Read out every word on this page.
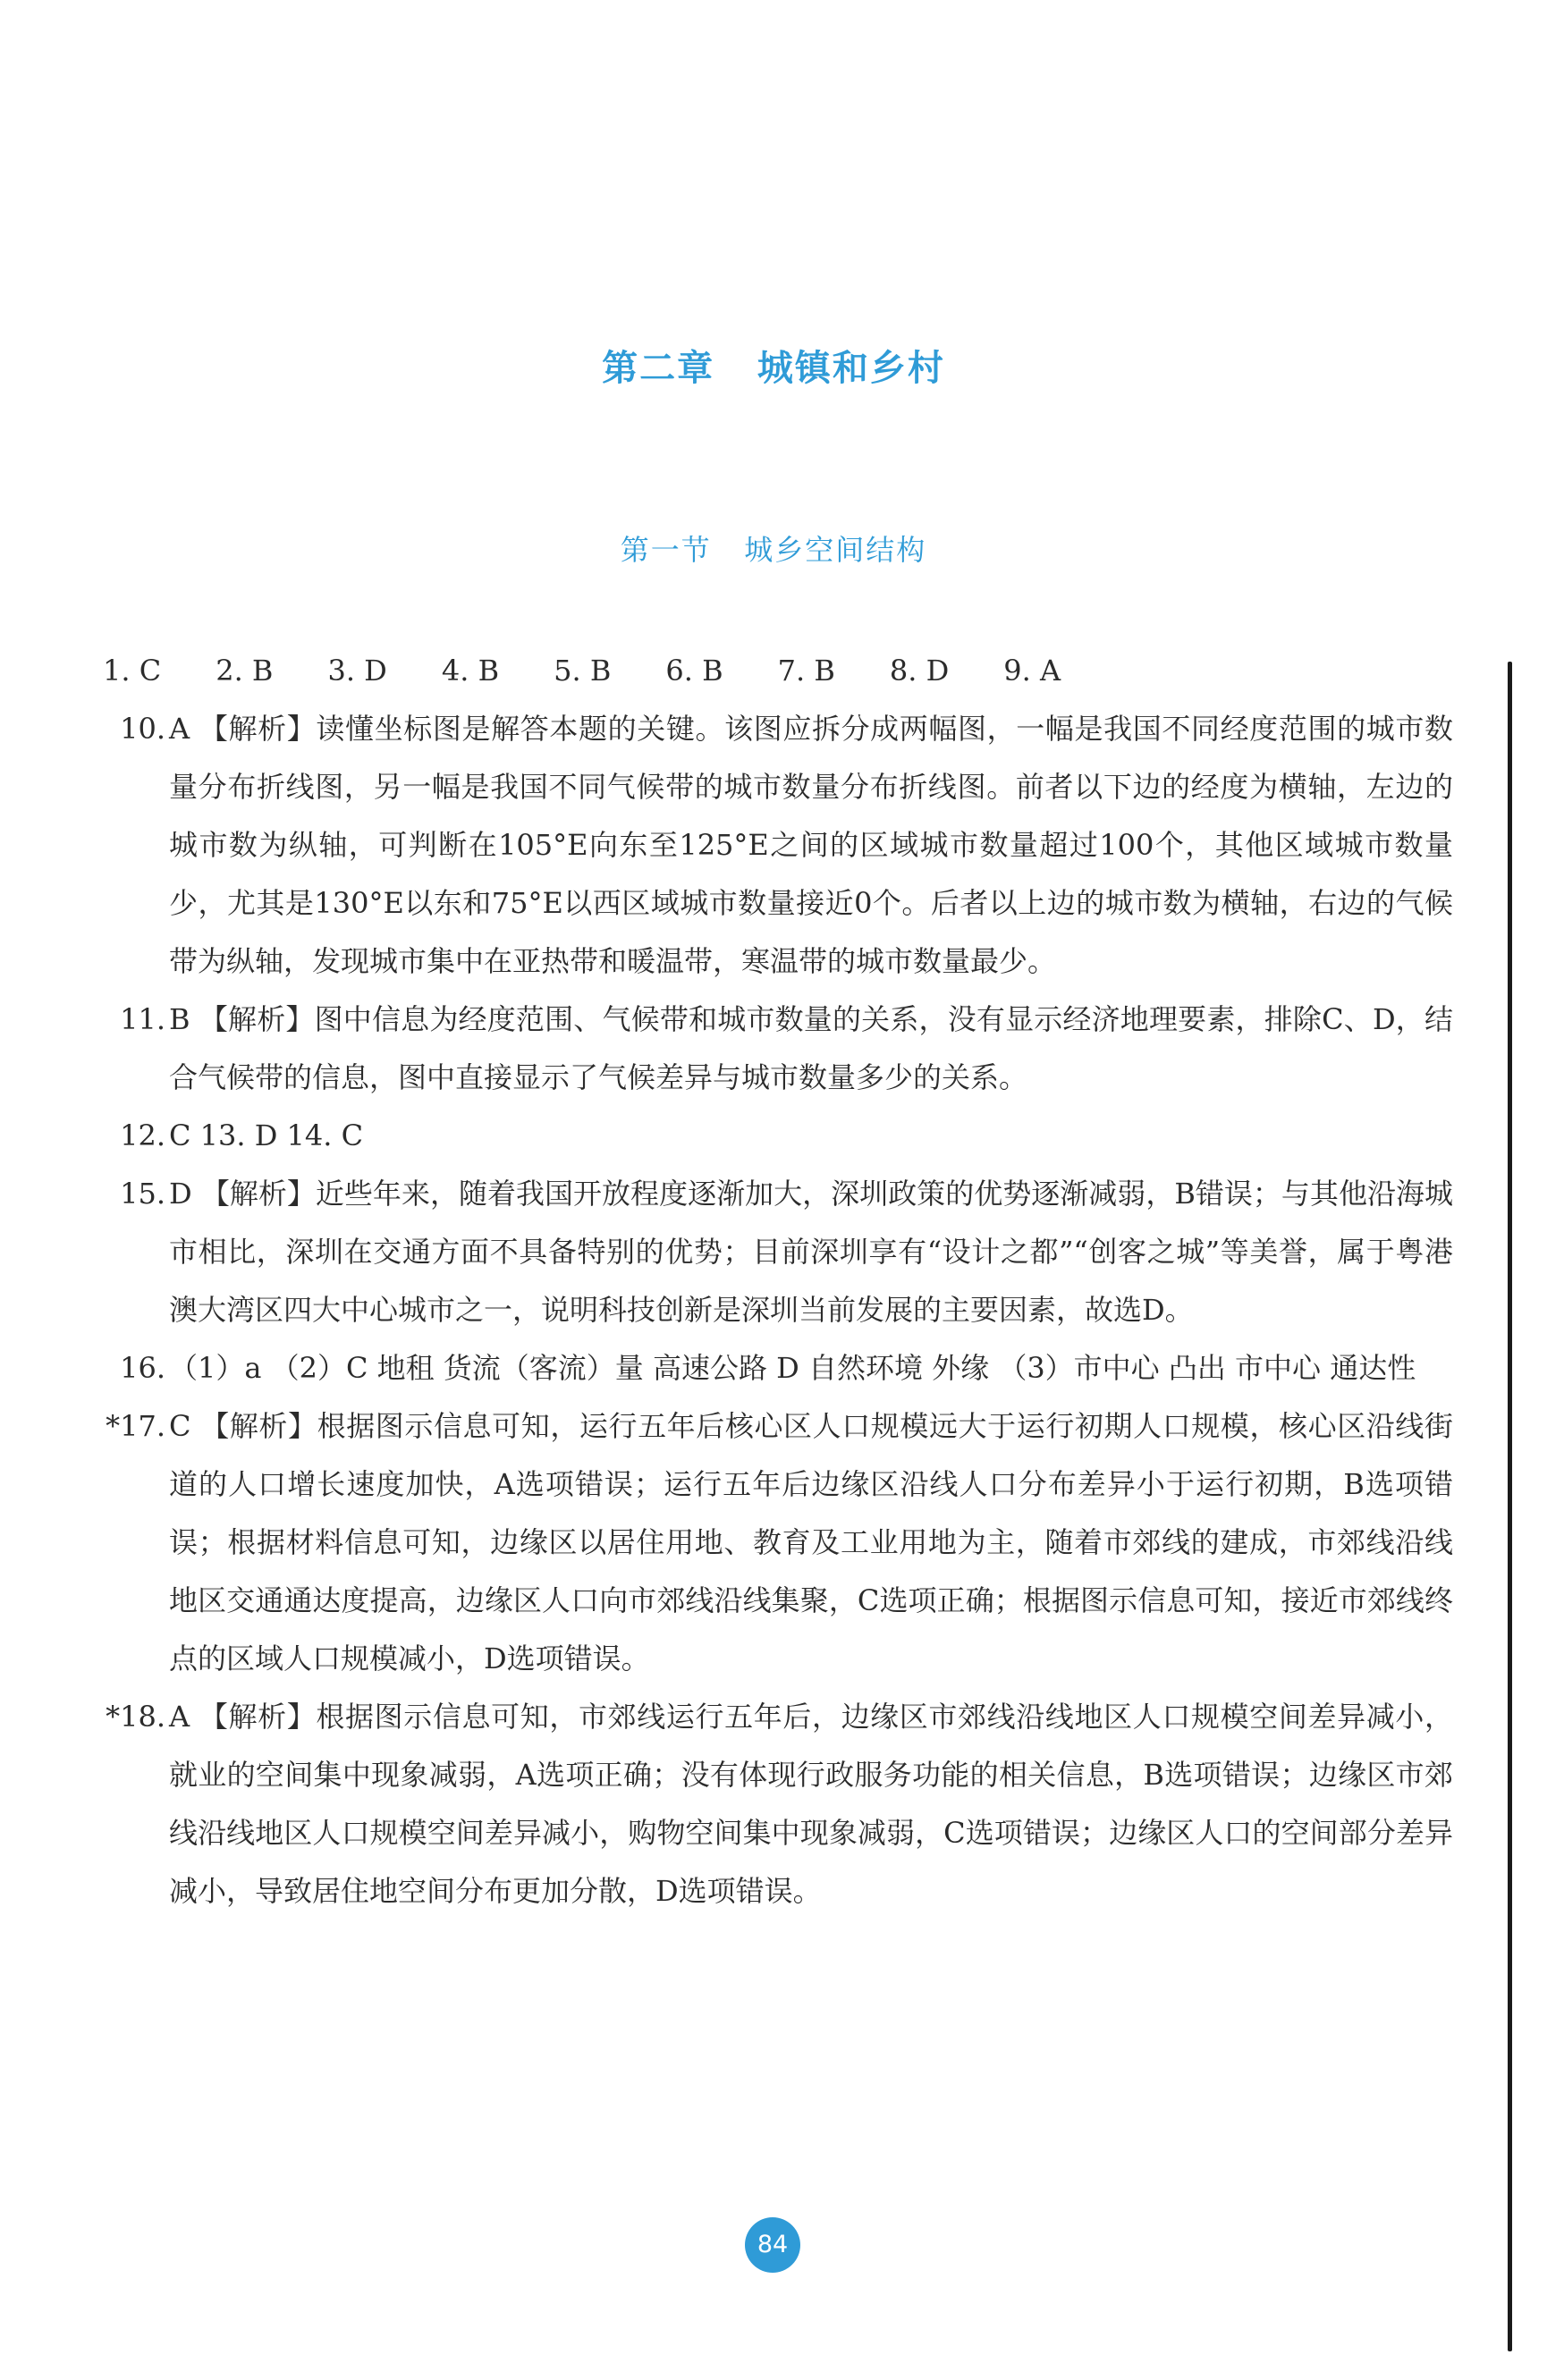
第二章   城镇和乡村
第一节   城乡空间结构
1. C      2. B      3. D      4. B      5. B      6. B      7. B      8. D      9. A
10. A 【解析】读懂坐标图是解答本题的关键。该图应拆分成两幅图，一幅是我国不同经度范围的城市数量分布折线图，另一幅是我国不同气候带的城市数量分布折线图。前者以下边的经度为横轴，左边的城市数为纵轴，可判断在105°E向东至125°E之间的区域城市数量超过100个，其他区域城市数量少，尤其是130°E以东和75°E以西区域城市数量接近0个。后者以上边的城市数为横轴，右边的气候带为纵轴，发现城市集中在亚热带和暖温带，寒温带的城市数量最少。
11. B 【解析】图中信息为经度范围、气候带和城市数量的关系，没有显示经济地理要素，排除C、D，结合气候带的信息，图中直接显示了气候差异与城市数量多少的关系。
12. C 13. D 14. C
15. D 【解析】近些年来，随着我国开放程度逐渐加大，深圳政策的优势逐渐减弱，B错误；与其他沿海城市相比，深圳在交通方面不具备特别的优势；目前深圳享有“设计之都”“创客之城”等美誉，属于粤港澳大湾区四大中心城市之一，说明科技创新是深圳当前发展的主要因素，故选D。
16. （1）a （2）C 地租 货流（客流）量 高速公路 D 自然环境 外缘 （3）市中心 凸出 市中心 通达性
*17. C 【解析】根据图示信息可知，运行五年后核心区人口规模远大于运行初期人口规模，核心区沿线街道的人口增长速度加快，A选项错误；运行五年后边缘区沿线人口分布差异小于运行初期，B选项错误；根据材料信息可知，边缘区以居住用地、教育及工业用地为主，随着市郊线的建成，市郊线沿线地区交通通达度提高，边缘区人口向市郊线沿线集聚，C选项正确；根据图示信息可知，接近市郊线终点的区域人口规模减小，D选项错误。
*18. A 【解析】根据图示信息可知，市郊线运行五年后，边缘区市郊线沿线地区人口规模空间差异减小，就业的空间集中现象减弱，A选项正确；没有体现行政服务功能的相关信息，B选项错误；边缘区市郊线沿线地区人口规模空间差异减小，购物空间集中现象减弱，C选项错误；边缘区人口的空间部分差异减小，导致居住地空间分布更加分散，D选项错误。
84
